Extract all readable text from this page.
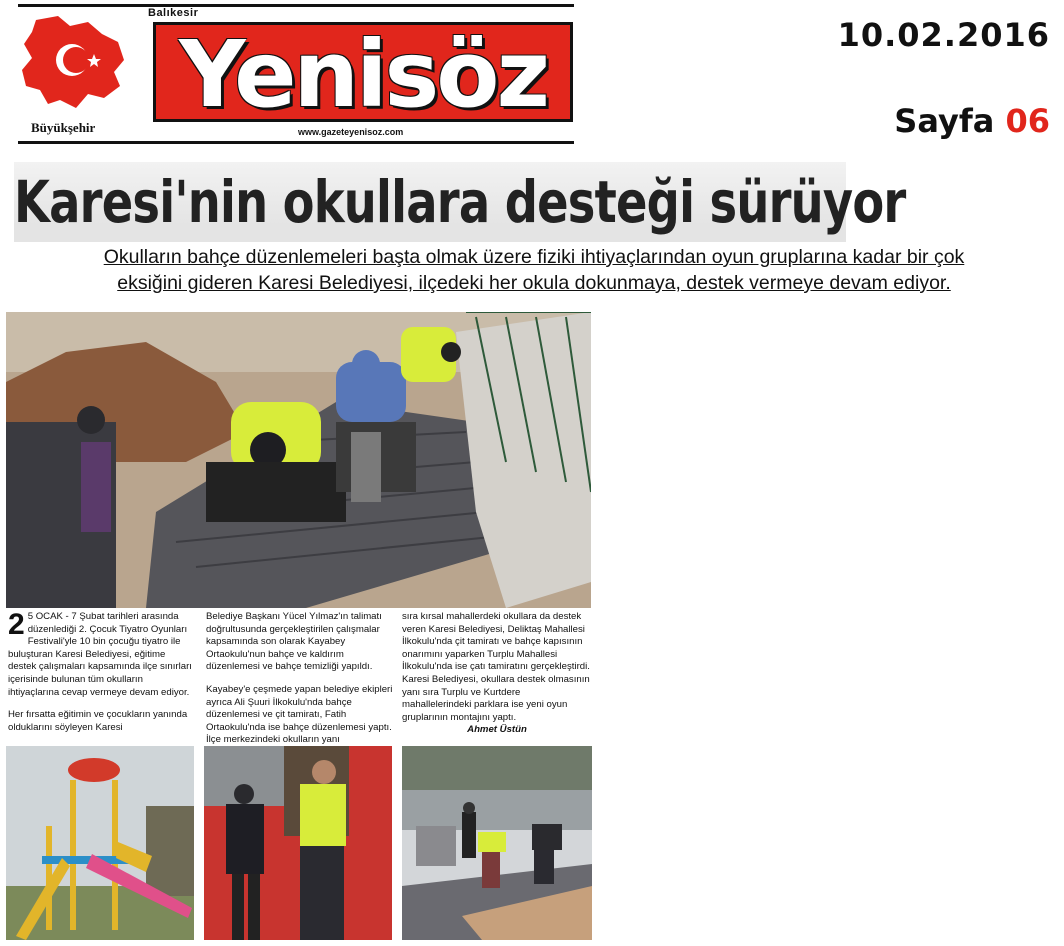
Balıkesir
Yenisöz
Büyükşehir	www.gazeteyenisoz.com
10.02.2016
Sayfa 06
Karesi'nin okullara desteği sürüyor
Okulların bahçe düzenlemeleri başta olmak üzere fiziki ihtiyaçlarından oyun gruplarına kadar bir çok
eksiğini gideren Karesi Belediyesi, ilçedeki her okula dokunmaya, destek vermeye devam ediyor.

2 5 OCAK - 7 Şubat tarihleri arasında düzenlediği 2. Çocuk Tiyatro Oyunları Festivali'yle 10 bin çocuğu tiyatro ile buluşturan Karesi Belediyesi, eğitime destek çalışmaları kapsamında ilçe sınırları içerisinde bulunan tüm okulların ihtiyaçlarına cevap vermeye devam ediyor.

Her fırsatta eğitimin ve çocukların yanında olduklarını söyleyen Karesi

Belediye Başkanı Yücel Yılmaz'ın talimatı doğrultusunda gerçekleştirilen çalışmalar kapsamında son olarak Kayabey Ortaokulu'nun bahçe ve kaldırım düzenlemesi ve bahçe temizliği yapıldı.

Kayabey'e çeşmede yapan belediye ekipleri ayrıca Ali Şuuri İlkokulu'nda bahçe düzenlemesi ve çit tamiratı, Fatih Ortaokulu'nda ise bahçe düzenlemesi yaptı. İlçe merkezindeki okulların yanı

sıra kırsal mahallerdeki okullara da destek veren Karesi Belediyesi, Deliktaş Mahallesi İlkokulu'nda çit tamiratı ve bahçe kapısının onarımını yaparken Turplu Mahallesi İlkokulu'nda ise çatı tamiratını gerçekleştirdi.

Karesi Belediyesi, okullara destek olmasının yanı sıra Turplu ve Kurtdere mahallelerindeki parklara ise yeni oyun gruplarının montajını yaptı.

Ahmet Üstün
